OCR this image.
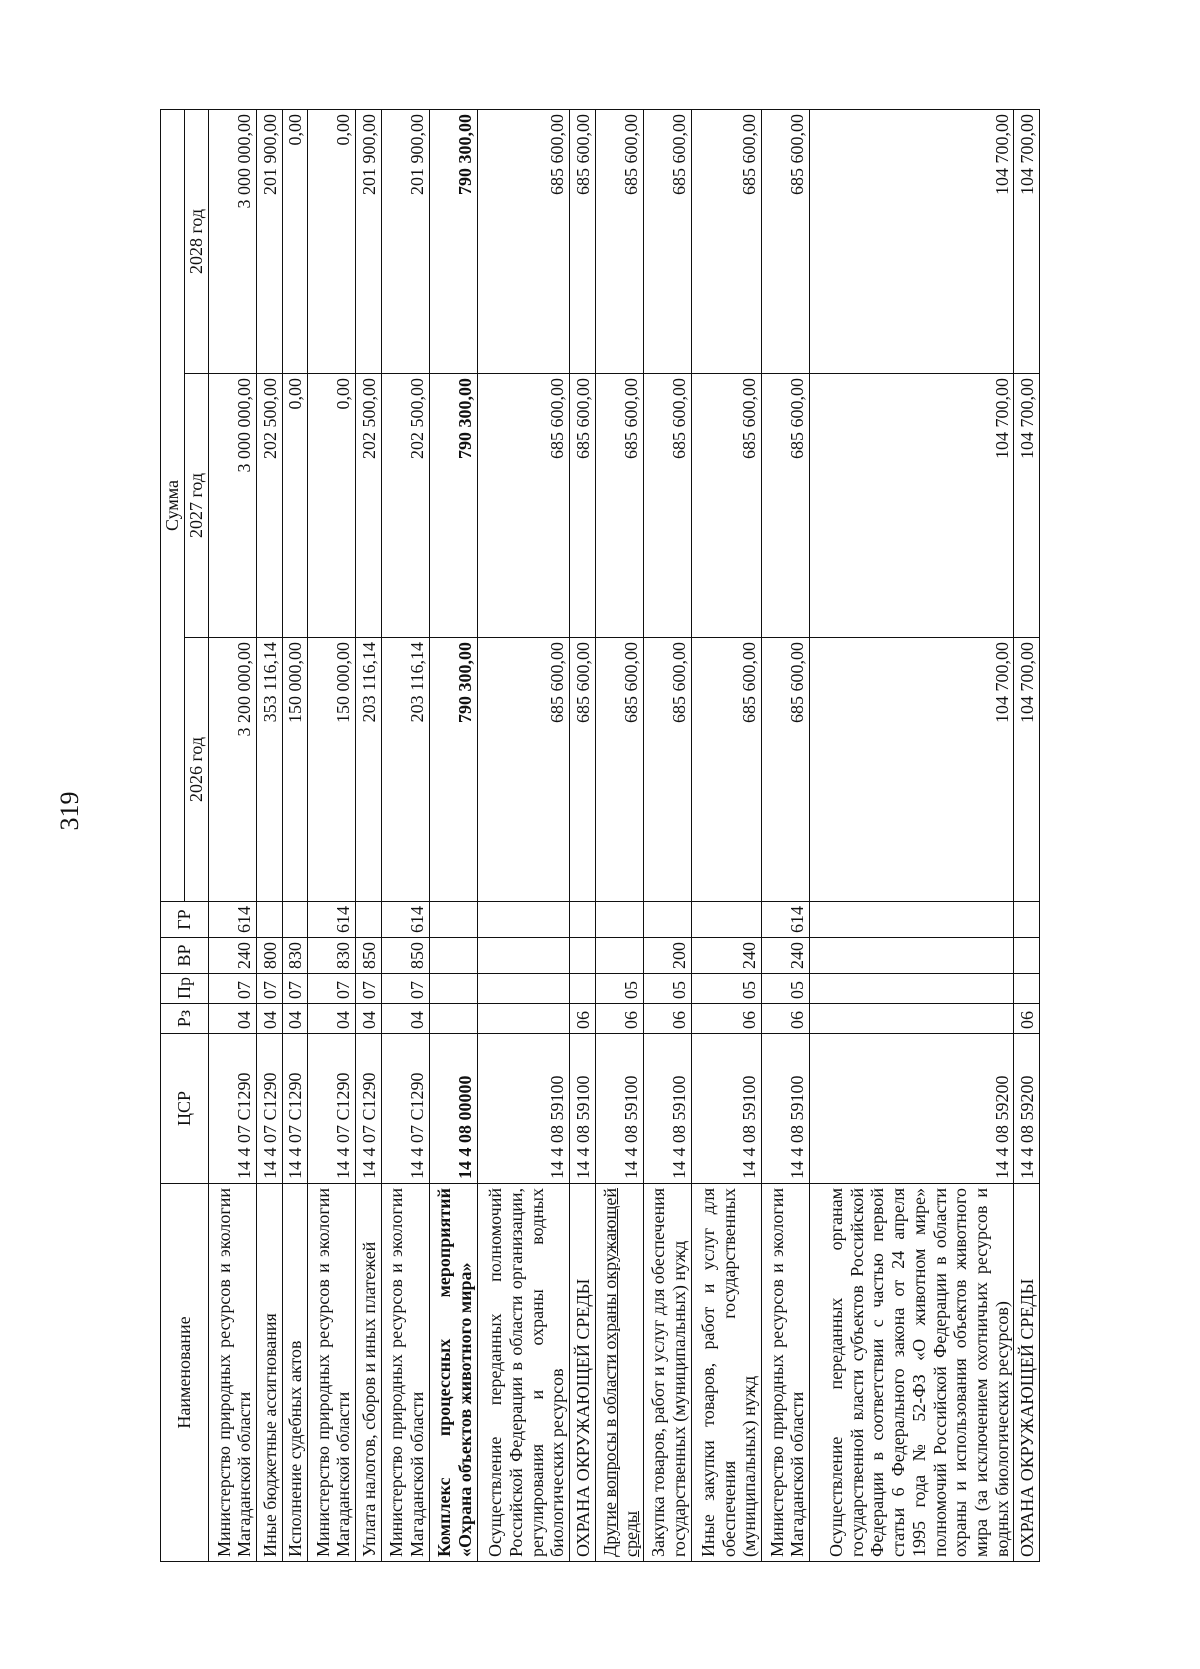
319
Наименование	ЦСР	Рз	Пр	ВР	ГР	Сумма		
						2026 год	2027 год	2028 год
Министерство природных ресурсов и экологии Магаданской области	14 4 07 С1290	04	07	240	614	3 200 000,00	3 000 000,00	3 000 000,00
Иные бюджетные ассигнования	14 4 07 С1290	04	07	800		353 116,14	202 500,00	201 900,00
Исполнение судебных актов	14 4 07 С1290	04	07	830		150 000,00	0,00	0,00
Министерство природных ресурсов и экологии Магаданской области	14 4 07 С1290	04	07	830	614	150 000,00	0,00	0,00
Уплата налогов, сборов и иных платежей	14 4 07 С1290	04	07	850		203 116,14	202 500,00	201 900,00
Министерство природных ресурсов и экологии Магаданской области	14 4 07 С1290	04	07	850	614	203 116,14	202 500,00	201 900,00
Комплекс процессных мероприятий «Охрана объектов животного мира»	14 4 08 00000					790 300,00	790 300,00	790 300,00
Осуществление переданных полномочий Российской Федерации в области организации, регулирования и охраны водных биологических ресурсов	14 4 08 59100					685 600,00	685 600,00	685 600,00
ОХРАНА ОКРУЖАЮЩЕЙ СРЕДЫ	14 4 08 59100	06				685 600,00	685 600,00	685 600,00
Другие вопросы в области охраны окружающей среды	14 4 08 59100	06	05			685 600,00	685 600,00	685 600,00
Закупка товаров, работ и услуг для обеспечения государственных (муниципальных) нужд	14 4 08 59100	06	05	200		685 600,00	685 600,00	685 600,00
Иные закупки товаров, работ и услуг для обеспечения государственных (муниципальных) нужд	14 4 08 59100	06	05	240		685 600,00	685 600,00	685 600,00
Министерство природных ресурсов и экологии Магаданской области	14 4 08 59100	06	05	240	614	685 600,00	685 600,00	685 600,00
Осуществление переданных органам государственной власти субъектов Российской Федерации в соответствии с частью первой статьи 6 Федерального закона от 24 апреля 1995 года № 52-ФЗ «О животном мире» полномочий Российской Федерации в области охраны и использования объектов животного мира (за исключением охотничьих ресурсов и водных биологических ресурсов)	14 4 08 59200					104 700,00	104 700,00	104 700,00
ОХРАНА ОКРУЖАЮЩЕЙ СРЕДЫ	14 4 08 59200	06				104 700,00	104 700,00	104 700,00
